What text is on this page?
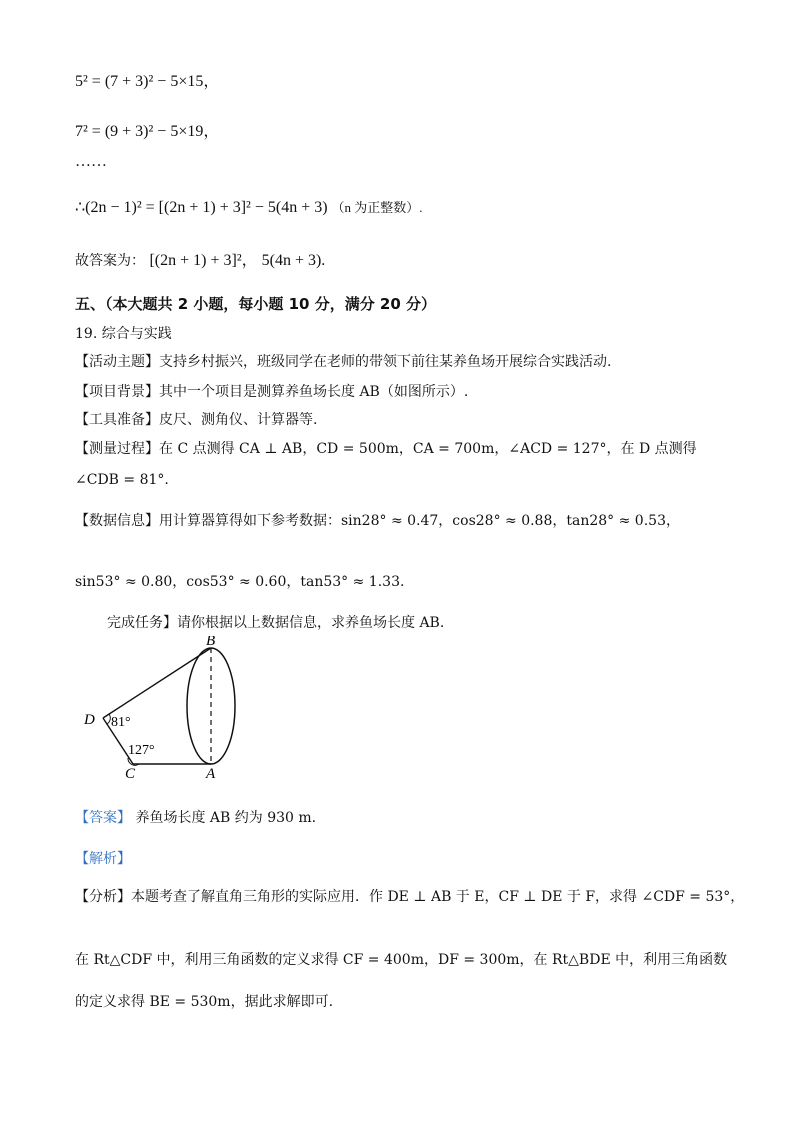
5² = (7 + 3)² − 5×15，
7² = (9 + 3)² − 5×19，
……
∴(2n − 1)² = [(2n + 1) + 3]² − 5(4n + 3) （n 为正整数）.
故答案为： [(2n + 1) + 3]²， 5(4n + 3).
五、（本大题共 2 小题，每小题 10 分，满分 20 分）
19. 综合与实践
【活动主题】支持乡村振兴，班级同学在老师的带领下前往某养鱼场开展综合实践活动.
【项目背景】其中一个项目是测算养鱼场长度 AB（如图所示）.
【工具准备】皮尺、测角仪、计算器等.
【测量过程】在 C 点测得 CA ⊥ AB，CD = 500m，CA = 700m，∠ACD = 127°，在 D 点测得
∠CDB = 81°.
【数据信息】用计算器算得如下参考数据：sin28° ≈ 0.47，cos28° ≈ 0.88，tan28° ≈ 0.53，
sin53° ≈ 0.80，cos53° ≈ 0.60，tan53° ≈ 1.33.
完成任务】请你根据以上数据信息，求养鱼场长度 AB.
B
D
C	A
81°
127°
【答案】 养鱼场长度 AB 约为 930 m.
【解析】
【分析】本题考查了解直角三角形的实际应用．作 DE ⊥ AB 于 E，CF ⊥ DE 于 F，求得 ∠CDF = 53°，
在 Rt△CDF 中，利用三角函数的定义求得 CF = 400m，DF = 300m，在 Rt△BDE 中，利用三角函数
的定义求得 BE = 530m，据此求解即可.
